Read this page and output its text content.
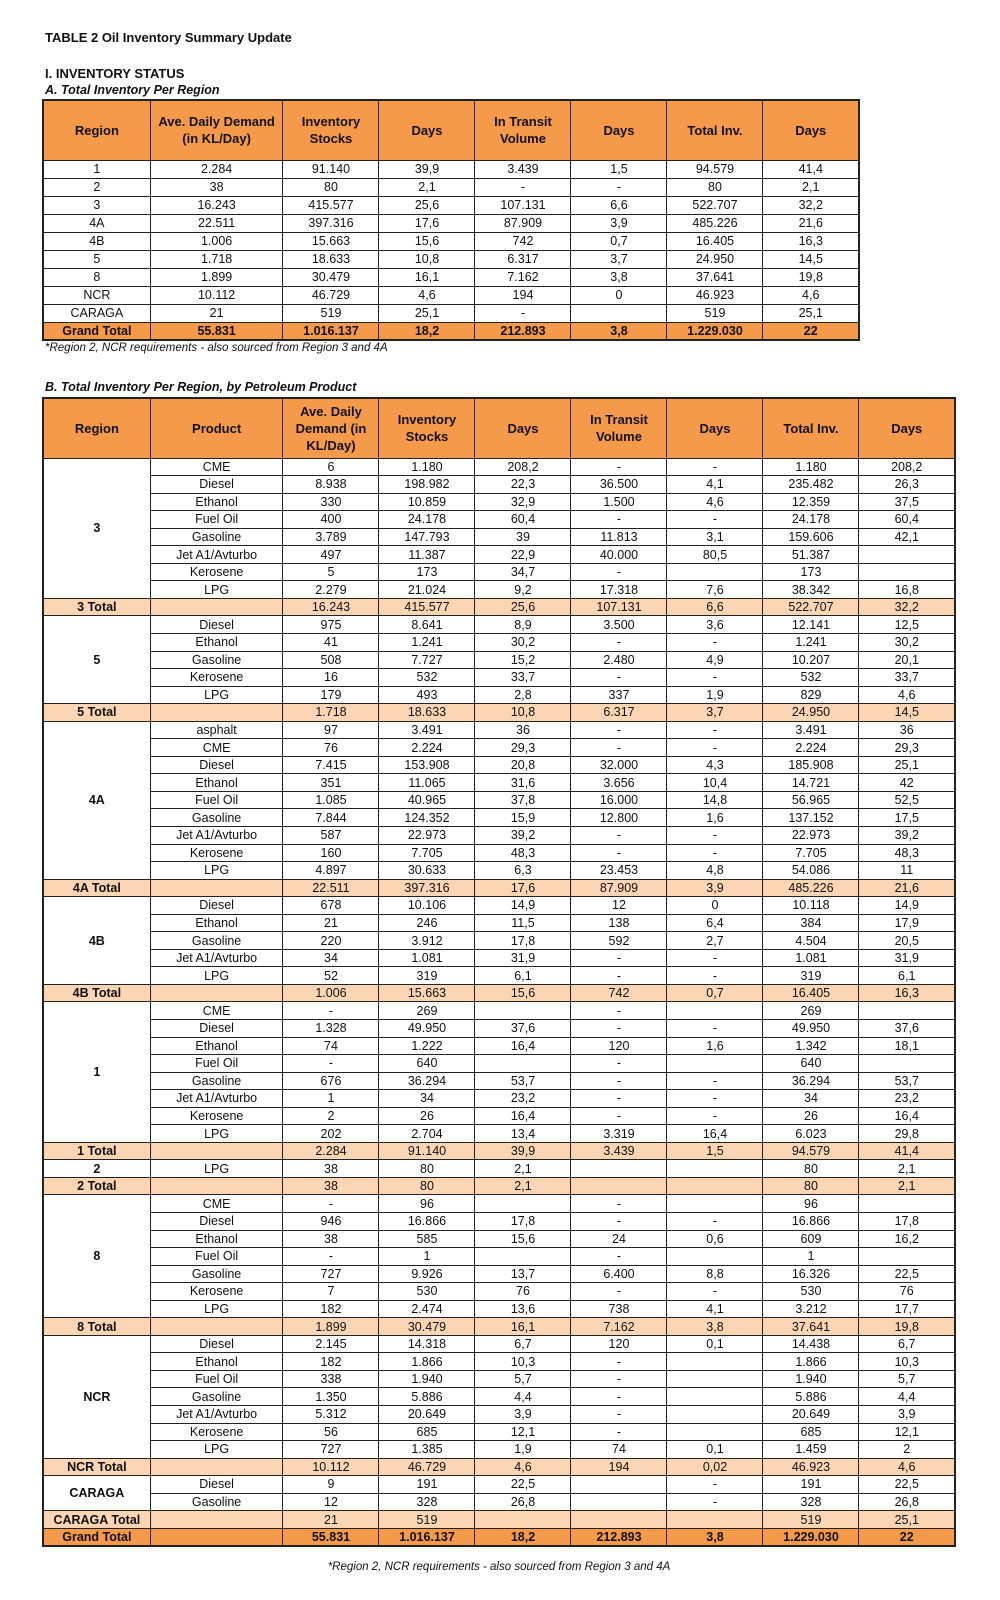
TABLE 2 Oil Inventory Summary Update
I. INVENTORY STATUS
A. Total Inventory Per Region
Region	Ave. Daily Demand (in KL/Day)	Inventory Stocks	Days	In Transit Volume	Days	Total Inv.	Days
1	2.284	91.140	39,9	3.439	1,5	94.579	41,4
2	38	80	2,1	-	-	80	2,1
3	16.243	415.577	25,6	107.131	6,6	522.707	32,2
4A	22.511	397.316	17,6	87.909	3,9	485.226	21,6
4B	1.006	15.663	15,6	742	0,7	16.405	16,3
5	1.718	18.633	10,8	6.317	3,7	24.950	14,5
8	1.899	30.479	16,1	7.162	3,8	37.641	19,8
NCR	10.112	46.729	4,6	194	0	46.923	4,6
CARAGA	21	519	25,1	-		519	25,1
Grand Total	55.831	1.016.137	18,2	212.893	3,8	1.229.030	22
*Region 2, NCR requirements - also sourced from Region 3 and 4A
B. Total Inventory Per Region, by Petroleum Product
Region	Product	Ave. Daily Demand (in KL/Day)	Inventory Stocks	Days	In Transit Volume	Days	Total Inv.	Days
3	CME	6	1.180	208,2	-	-	1.180	208,2
	Diesel	8.938	198.982	22,3	36.500	4,1	235.482	26,3
	Ethanol	330	10.859	32,9	1.500	4,6	12.359	37,5
	Fuel Oil	400	24.178	60,4	-	-	24.178	60,4
	Gasoline	3.789	147.793	39	11.813	3,1	159.606	42,1
	Jet A1/Avturbo	497	11.387	22,9	40.000	80,5	51.387	
	Kerosene	5	173	34,7	-		173	
	LPG	2.279	21.024	9,2	17.318	7,6	38.342	16,8
3 Total		16.243	415.577	25,6	107.131	6,6	522.707	32,2
5	Diesel	975	8.641	8,9	3.500	3,6	12.141	12,5
	Ethanol	41	1.241	30,2	-	-	1.241	30,2
	Gasoline	508	7.727	15,2	2.480	4,9	10.207	20,1
	Kerosene	16	532	33,7	-	-	532	33,7
	LPG	179	493	2,8	337	1,9	829	4,6
5 Total		1.718	18.633	10,8	6.317	3,7	24.950	14,5
4A	asphalt	97	3.491	36	-	-	3.491	36
	CME	76	2.224	29,3	-	-	2.224	29,3
	Diesel	7.415	153.908	20,8	32.000	4,3	185.908	25,1
	Ethanol	351	11.065	31,6	3.656	10,4	14.721	42
	Fuel Oil	1.085	40.965	37,8	16.000	14,8	56.965	52,5
	Gasoline	7.844	124.352	15,9	12.800	1,6	137.152	17,5
	Jet A1/Avturbo	587	22.973	39,2	-	-	22.973	39,2
	Kerosene	160	7.705	48,3	-	-	7.705	48,3
	LPG	4.897	30.633	6,3	23.453	4,8	54.086	11
4A Total		22.511	397.316	17,6	87.909	3,9	485.226	21,6
4B	Diesel	678	10.106	14,9	12	0	10.118	14,9
	Ethanol	21	246	11,5	138	6,4	384	17,9
	Gasoline	220	3.912	17,8	592	2,7	4.504	20,5
	Jet A1/Avturbo	34	1.081	31,9	-	-	1.081	31,9
	LPG	52	319	6,1	-	-	319	6,1
4B Total		1.006	15.663	15,6	742	0,7	16.405	16,3
1	CME	-	269		-		269	
	Diesel	1.328	49.950	37,6	-	-	49.950	37,6
	Ethanol	74	1.222	16,4	120	1,6	1.342	18,1
	Fuel Oil	-	640		-		640	
	Gasoline	676	36.294	53,7	-	-	36.294	53,7
	Jet A1/Avturbo	1	34	23,2	-	-	34	23,2
	Kerosene	2	26	16,4	-	-	26	16,4
	LPG	202	2.704	13,4	3.319	16,4	6.023	29,8
1 Total		2.284	91.140	39,9	3.439	1,5	94.579	41,4
2	LPG	38	80	2,1			80	2,1
2 Total		38	80	2,1			80	2,1
8	CME	-	96		-		96	
	Diesel	946	16.866	17,8	-	-	16.866	17,8
	Ethanol	38	585	15,6	24	0,6	609	16,2
	Fuel Oil	-	1		-		1	
	Gasoline	727	9.926	13,7	6.400	8,8	16.326	22,5
	Kerosene	7	530	76	-	-	530	76
	LPG	182	2.474	13,6	738	4,1	3.212	17,7
8 Total		1.899	30.479	16,1	7.162	3,8	37.641	19,8
NCR	Diesel	2.145	14.318	6,7	120	0,1	14.438	6,7
	Ethanol	182	1.866	10,3	-		1.866	10,3
	Fuel Oil	338	1.940	5,7	-		1.940	5,7
	Gasoline	1.350	5.886	4,4	-		5.886	4,4
	Jet A1/Avturbo	5.312	20.649	3,9	-		20.649	3,9
	Kerosene	56	685	12,1	-		685	12,1
	LPG	727	1.385	1,9	74	0,1	1.459	2
NCR Total		10.112	46.729	4,6	194	0,02	46.923	4,6
CARAGA	Diesel	9	191	22,5		-	191	22,5
	Gasoline	12	328	26,8		-	328	26,8
CARAGA Total		21	519				519	25,1
Grand Total		55.831	1.016.137	18,2	212.893	3,8	1.229.030	22
*Region 2, NCR requirements - also sourced from Region 3 and 4A
